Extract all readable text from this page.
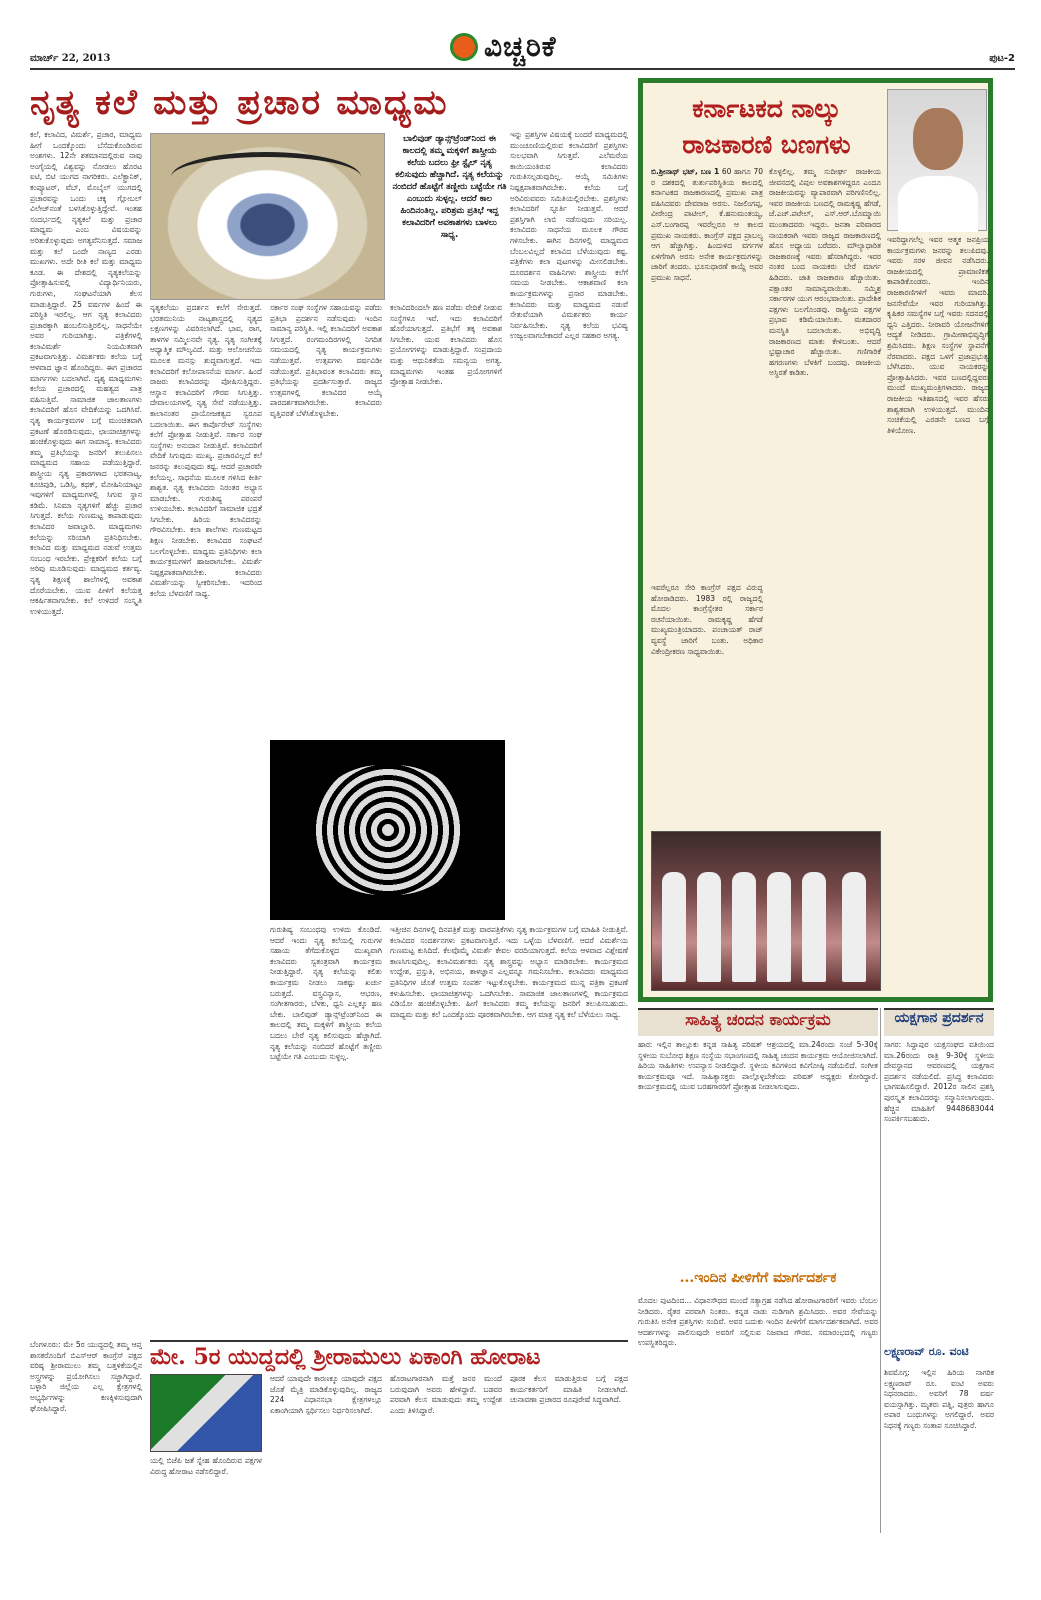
ಮಾರ್ಚ್ 22, 2013	ವಿಚ್ಚರಿಕೆ	ಪುಟ-2
ನೃತ್ಯ ಕಲೆ ಮತ್ತು ಪ್ರಚಾರ ಮಾಧ್ಯಮ
ಕಲೆ, ಕಲಾವಿದ, ವಿಮರ್ಶೆ, ಪ್ರಚಾರ, ಮಾಧ್ಯಮ ಹೀಗೆ ಒಂದಕ್ಕೊಂದು ಬೆಸೆದುಕೊಂಡಿರುವ ಅಂಶಗಳು. 12ನೇ ಶತಮಾನದಲ್ಲಿರುವ ನಾವು ಅಂಗೈಯಲ್ಲಿ ವಿಶ್ವವನ್ನು ನೋಡಲು ಹೊರಟ ಐಟಿ, ಬಿಟಿ ಯುಗದ ನಾಗರಿಕರು. ಎಲೆಕ್ಟ್ರಾನಿಕ್, ಕಂಪ್ಯೂಟರ್, ವೆಬ್, ಮೊಬೈಲ್ ಯುಗದಲ್ಲಿ ಪ್ರಚಾರವನ್ನು ಒಂದು ಚಕ್ಕ ಗ್ಲೋಬಲ್ ವಿಲೇಜ್‌ನಂತೆ ಬಳಸಿಕೊಳ್ಳುತ್ತಿದ್ದೇವೆ. ಇಂತಹ ಸಂದರ್ಭದಲ್ಲಿ ನೃತ್ಯಕಲೆ ಮತ್ತು ಪ್ರಚಾರ ಮಾಧ್ಯಮ ಎಂಬ ವಿಷಯವನ್ನು ಅರಿತುಕೊಳ್ಳುವುದು ಅಗತ್ಯವೆನಿಸುತ್ತದೆ. ಸಮಾಜ ಮತ್ತು ಕಲೆ ಒಂದೇ ನಾಣ್ಯದ ಎರಡು ಮುಖಗಳು. ಅದೇ ರೀತಿ ಕಲೆ ಮತ್ತು ಮಾಧ್ಯಮ ಕೂಡ. ಈ ದೇಶದಲ್ಲಿ ನೃತ್ಯಕಲೆಯನ್ನು ಪ್ರೋತ್ಸಾಹಿಸುವಲ್ಲಿ ವಿದ್ಯಾರ್ಥಿನಿಯರು, ಗುರುಗಳು, ಸಂಘಟನೆಯಾಗಿ ಕೆಲಸ ಮಾಡುತ್ತಿದ್ದಾರೆ. 25 ವರ್ಷಗಳ ಹಿಂದೆ ಈ ಪರಿಸ್ಥಿತಿ ಇರಲಿಲ್ಲ. ಆಗ ನೃತ್ಯ ಕಲಾವಿದರು ಪ್ರಚಾರಕ್ಕಾಗಿ ಹಂಬಲಿಸುತ್ತಿರಲಿಲ್ಲ. ಸಾಧನೆಯೇ ಅವರ ಗುರಿಯಾಗಿತ್ತು. ಪತ್ರಿಕೆಗಳಲ್ಲಿ ಕಲಾವಿಮರ್ಶೆ ನಿಯಮಿತವಾಗಿ ಪ್ರಕಟವಾಗುತ್ತಿತ್ತು. ವಿಮರ್ಶಕರು ಕಲೆಯ ಬಗ್ಗೆ ಆಳವಾದ ಜ್ಞಾನ ಹೊಂದಿದ್ದರು. ಈಗ ಪ್ರಚಾರದ ಮಾರ್ಗಗಳು ಬದಲಾಗಿವೆ. ದೃಶ್ಯ ಮಾಧ್ಯಮಗಳು ಕಲೆಯ ಪ್ರಚಾರದಲ್ಲಿ ಮಹತ್ವದ ಪಾತ್ರ ವಹಿಸುತ್ತಿವೆ. ಸಾಮಾಜಿಕ ಜಾಲತಾಣಗಳು ಕಲಾವಿದರಿಗೆ ಹೊಸ ವೇದಿಕೆಯನ್ನು ಒದಗಿಸಿವೆ. ನೃತ್ಯ ಕಾರ್ಯಕ್ರಮಗಳ ಬಗ್ಗೆ ಮುಂಚಿತವಾಗಿ ಪ್ರಕಟಣೆ ಹೊರಡಿಸುವುದು, ಛಾಯಾಚಿತ್ರಗಳನ್ನು ಹಂಚಿಕೊಳ್ಳುವುದು ಈಗ ಸಾಮಾನ್ಯ. ಕಲಾವಿದರು ತಮ್ಮ ಪ್ರತಿಭೆಯನ್ನು ಜನರಿಗೆ ತಲುಪಿಸಲು ಮಾಧ್ಯಮದ ಸಹಾಯ ಪಡೆಯುತ್ತಿದ್ದಾರೆ. ಶಾಸ್ತ್ರೀಯ ನೃತ್ಯ ಪ್ರಕಾರಗಳಾದ ಭರತನಾಟ್ಯ, ಕೂಚಿಪುಡಿ, ಒಡಿಸ್ಸಿ, ಕಥಕ್, ಮೋಹಿನಿಯಾಟ್ಟಂ ಇವುಗಳಿಗೆ ಮಾಧ್ಯಮಗಳಲ್ಲಿ ಸಿಗುವ ಸ್ಥಾನ ಕಡಿಮೆ. ಸಿನಿಮಾ ನೃತ್ಯಗಳಿಗೆ ಹೆಚ್ಚು ಪ್ರಚಾರ ಸಿಗುತ್ತದೆ. ಕಲೆಯ ಗುಣಮಟ್ಟ ಕಾಪಾಡುವುದು ಕಲಾವಿದರ ಜವಾಬ್ದಾರಿ. ಮಾಧ್ಯಮಗಳು ಕಲೆಯನ್ನು ಸರಿಯಾಗಿ ಪ್ರತಿನಿಧಿಸಬೇಕು. ಕಲಾವಿದ ಮತ್ತು ಮಾಧ್ಯಮದ ನಡುವೆ ಉತ್ತಮ ಸಂಬಂಧ ಇರಬೇಕು. ಪ್ರೇಕ್ಷಕರಿಗೆ ಕಲೆಯ ಬಗ್ಗೆ ಅರಿವು ಮೂಡಿಸುವುದು ಮಾಧ್ಯಮದ ಕರ್ತವ್ಯ. ನೃತ್ಯ ಶಿಕ್ಷಣಕ್ಕೆ ಶಾಲೆಗಳಲ್ಲಿ ಅವಕಾಶ ದೊರೆಯಬೇಕು. ಯುವ ಪೀಳಿಗೆ ಕಲೆಯತ್ತ ಆಕರ್ಷಿತವಾಗಬೇಕು. ಕಲೆ ಉಳಿದರೆ ಸಂಸ್ಕೃತಿ ಉಳಿಯುತ್ತದೆ.
ಬಾಲಿವುಡ್ ಡ್ಯಾನ್ಸ್‌ಟ್ರೆಂಡ್‌ನಿಂದ ಈ ಕಾಲದಲ್ಲಿ ತಮ್ಮ ಮಕ್ಕಳಿಗೆ ಶಾಸ್ತ್ರೀಯ ಕಲೆಯ ಬದಲು ಫ್ರೀ ಸ್ಟೈಲ್ ನೃತ್ಯ ಕಲಿಸುವುದು ಹೆಚ್ಚಾಗಿದೆ. ನೃತ್ಯ ಕಲೆಯನ್ನು ನಂಬಿದರೆ ಹೊಟ್ಟೆಗೆ ತಣ್ಣೀರು ಬಟ್ಟೆಯೇ ಗತಿ ಎಂಬುದು ಸುಳ್ಳಲ್ಲ. ಆದರೆ ಕಾಲ ಹಿಂದಿನಂತಿಲ್ಲ. ಪರಿಶ್ರಮ ಪ್ರತಿಭೆ ಇದ್ದ ಕಲಾವಿದರಿಗೆ ಅವಕಾಶಗಳು ಬಾಳಲು ಸಾಧ್ಯ.
ನೃತ್ಯಕಲೆಯು ಪ್ರದರ್ಶನ ಕಲೆಗೆ ಸೇರುತ್ತದೆ. ಭರತಮುನಿಯ ನಾಟ್ಯಶಾಸ್ತ್ರದಲ್ಲಿ ನೃತ್ಯದ ಲಕ್ಷಣಗಳನ್ನು ವಿವರಿಸಲಾಗಿದೆ. ಭಾವ, ರಾಗ, ತಾಳಗಳ ಸಮ್ಮಿಲನವೇ ನೃತ್ಯ. ನೃತ್ಯ ಸಂಗೀತಕ್ಕೆ ಆಧ್ಯಾತ್ಮಿಕ ಮೌಲ್ಯವಿದೆ. ಮತ್ತು ಆಲೋಚನೆಯ ಮೂಲಕ ಮನಸ್ಸು ಶುದ್ಧವಾಗುತ್ತದೆ. ಇದು ಕಲಾವಿದರಿಗೆ ಕಲೋಪಾಸನೆಯ ಮಾರ್ಗ. ಹಿಂದೆ ರಾಜರು ಕಲಾವಿದರನ್ನು ಪೋಷಿಸುತ್ತಿದ್ದರು. ಆಸ್ಥಾನ ಕಲಾವಿದರಿಗೆ ಗೌರವ ಸಿಗುತ್ತಿತ್ತು. ದೇವಾಲಯಗಳಲ್ಲಿ ನೃತ್ಯ ಸೇವೆ ನಡೆಯುತ್ತಿತ್ತು. ಕಾಲಾನಂತರ ಪ್ರಾಯೋಜಕತ್ವದ ಸ್ವರೂಪ ಬದಲಾಯಿತು. ಈಗ ಕಾರ್ಪೊರೇಟ್ ಸಂಸ್ಥೆಗಳು ಕಲೆಗೆ ಪ್ರೋತ್ಸಾಹ ನೀಡುತ್ತಿವೆ. ಸರ್ಕಾರ ಸಂಘ ಸಂಸ್ಥೆಗಳು ಅನುದಾನ ನೀಡುತ್ತಿವೆ. ಕಲಾವಿದರಿಗೆ ವೇದಿಕೆ ಸಿಗುವುದು ಮುಖ್ಯ. ಪ್ರಚಾರವಿಲ್ಲದೆ ಕಲೆ ಜನರನ್ನು ತಲುಪುವುದು ಕಷ್ಟ. ಆದರೆ ಪ್ರಚಾರವೇ ಕಲೆಯಲ್ಲ. ಸಾಧನೆಯ ಮೂಲಕ ಗಳಿಸಿದ ಕೀರ್ತಿ ಶಾಶ್ವತ. ನೃತ್ಯ ಕಲಾವಿದರು ನಿರಂತರ ಅಭ್ಯಾಸ ಮಾಡಬೇಕು. ಗುರುಶಿಷ್ಯ ಪರಂಪರೆ ಉಳಿಯಬೇಕು. ಕಲಾವಿದರಿಗೆ ಸಾಮಾಜಿಕ ಭದ್ರತೆ ಸಿಗಬೇಕು. ಹಿರಿಯ ಕಲಾವಿದರನ್ನು ಗೌರವಿಸಬೇಕು. ಕಲಾ ಶಾಲೆಗಳು ಗುಣಮಟ್ಟದ ಶಿಕ್ಷಣ ನೀಡಬೇಕು. ಕಲಾವಿದರ ಸಂಘಟನೆ ಬಲಗೊಳ್ಳಬೇಕು. ಮಾಧ್ಯಮ ಪ್ರತಿನಿಧಿಗಳು ಕಲಾ ಕಾರ್ಯಕ್ರಮಗಳಿಗೆ ಹಾಜರಾಗಬೇಕು. ವಿಮರ್ಶೆ ನಿಷ್ಪಕ್ಷಪಾತವಾಗಿರಬೇಕು. ಕಲಾವಿದರು ವಿಮರ್ಶೆಯನ್ನು ಸ್ವೀಕರಿಸಬೇಕು. ಇದರಿಂದ ಕಲೆಯ ಬೆಳವಣಿಗೆ ಸಾಧ್ಯ.
ಸರ್ಕಾರ ಸಂಘ ಸಂಸ್ಥೆಗಳ ಸಹಾಯವನ್ನು ಪಡೆದು ಪ್ರತಿಭಾ ಪ್ರದರ್ಶನ ನಡೆಸುವುದು ಇಂದಿನ ಸಾಮಾನ್ಯ ಪರಿಸ್ಥಿತಿ. ಇಲ್ಲಿ ಕಲಾವಿದರಿಗೆ ಅವಕಾಶ ಸಿಗುತ್ತದೆ. ರಂಗಮಂದಿರಗಳಲ್ಲಿ ನಿಗದಿತ ಸಮಯದಲ್ಲಿ ನೃತ್ಯ ಕಾರ್ಯಕ್ರಮಗಳು ನಡೆಯುತ್ತವೆ. ಉತ್ಸವಗಳು ವರ್ಷವಿಡೀ ನಡೆಯುತ್ತವೆ. ಪ್ರತಿಭಾವಂತ ಕಲಾವಿದರು ತಮ್ಮ ಪ್ರತಿಭೆಯನ್ನು ಪ್ರದರ್ಶಿಸುತ್ತಾರೆ. ರಾಜ್ಯದ ಉತ್ಸವಗಳಲ್ಲಿ ಕಲಾವಿದರ ಆಯ್ಕೆ ಪಾರದರ್ಶಕವಾಗಿರಬೇಕು. ಕಲಾವಿದರು ವೃತ್ತಿಪರತೆ ಬೆಳೆಸಿಕೊಳ್ಳಬೇಕು.
ಕಲಾವಿದರಿಂದಲೇ ಹಣ ಪಡೆದು ವೇದಿಕೆ ನೀಡುವ ಸಂಸ್ಥೆಗಳೂ ಇವೆ. ಇದು ಕಲಾವಿದರಿಗೆ ಹೊರೆಯಾಗುತ್ತದೆ. ಪ್ರತಿಭೆಗೆ ತಕ್ಕ ಅವಕಾಶ ಸಿಗಬೇಕು. ಯುವ ಕಲಾವಿದರು ಹೊಸ ಪ್ರಯೋಗಗಳನ್ನು ಮಾಡುತ್ತಿದ್ದಾರೆ. ಸಂಪ್ರದಾಯ ಮತ್ತು ಆಧುನಿಕತೆಯ ಸಮನ್ವಯ ಅಗತ್ಯ. ಮಾಧ್ಯಮಗಳು ಇಂತಹ ಪ್ರಯೋಗಗಳಿಗೆ ಪ್ರೋತ್ಸಾಹ ನೀಡಬೇಕು.
ಇನ್ನು ಪ್ರಶಸ್ತಿಗಳ ವಿಷಯಕ್ಕೆ ಬಂದರೆ ಮಾಧ್ಯಮದಲ್ಲಿ ಮುಂಚೂಣಿಯಲ್ಲಿರುವ ಕಲಾವಿದರಿಗೆ ಪ್ರಶಸ್ತಿಗಳು ಸುಲಭವಾಗಿ ಸಿಗುತ್ತವೆ. ಎಲೆಮರೆಯ ಕಾಯಿಯಂತಿರುವ ಕಲಾವಿದರು ಗುರುತಿಸಲ್ಪಡುವುದಿಲ್ಲ. ಆಯ್ಕೆ ಸಮಿತಿಗಳು ನಿಷ್ಪಕ್ಷಪಾತವಾಗಿರಬೇಕು. ಕಲೆಯ ಬಗ್ಗೆ ಅರಿವಿರುವವರು ಸಮಿತಿಯಲ್ಲಿರಬೇಕು. ಪ್ರಶಸ್ತಿಗಳು ಕಲಾವಿದರಿಗೆ ಸ್ಫೂರ್ತಿ ನೀಡುತ್ತವೆ. ಆದರೆ ಪ್ರಶಸ್ತಿಗಾಗಿ ಲಾಬಿ ನಡೆಸುವುದು ಸರಿಯಲ್ಲ. ಕಲಾವಿದರು ಸಾಧನೆಯ ಮೂಲಕ ಗೌರವ ಗಳಿಸಬೇಕು. ಈಗಿನ ದಿನಗಳಲ್ಲಿ ಮಾಧ್ಯಮದ ಬೆಂಬಲವಿಲ್ಲದೆ ಕಲಾವಿದ ಬೆಳೆಯುವುದು ಕಷ್ಟ. ಪತ್ರಿಕೆಗಳು ಕಲಾ ಪುಟಗಳನ್ನು ಮೀಸಲಿಡಬೇಕು. ದೂರದರ್ಶನ ವಾಹಿನಿಗಳು ಶಾಸ್ತ್ರೀಯ ಕಲೆಗೆ ಸಮಯ ನೀಡಬೇಕು. ಆಕಾಶವಾಣಿ ಕಲಾ ಕಾರ್ಯಕ್ರಮಗಳನ್ನು ಪ್ರಸಾರ ಮಾಡಬೇಕು. ಕಲಾವಿದರು ಮತ್ತು ಮಾಧ್ಯಮದ ನಡುವೆ ಸೇತುವೆಯಾಗಿ ವಿಮರ್ಶಕರು ಕಾರ್ಯ ನಿರ್ವಹಿಸಬೇಕು. ನೃತ್ಯ ಕಲೆಯ ಭವಿಷ್ಯ ಉಜ್ವಲವಾಗಬೇಕಾದರೆ ಎಲ್ಲರ ಸಹಕಾರ ಅಗತ್ಯ.
ಗುರುಶಿಷ್ಯ ಸಂಬಂಧವು ಉಳಿದು ಕೊಂಡಿದೆ. ಆದರೆ ಇಂದು ನೃತ್ಯ ಕಲೆಯಲ್ಲಿ ಗುರುಗಳ ಸಹಾಯ ತೆಗೆದುಕೊಳ್ಳದ ಮುಖ್ಯವಾಗಿ ಕಲಾವಿದರು ಸ್ವತಂತ್ರವಾಗಿ ಕಾರ್ಯಕ್ರಮ ನೀಡುತ್ತಿದ್ದಾರೆ. ನೃತ್ಯ ಕಲೆಯನ್ನು ಕಲಿತು ಕಾರ್ಯಕ್ರಮ ನೀಡಲು ಸಾಕಷ್ಟು ಖರ್ಚು ಬರುತ್ತದೆ. ವಸ್ತ್ರವಿನ್ಯಾಸ, ಆಭರಣ, ಸಂಗೀತಗಾರರು, ಬೆಳಕು, ಧ್ವನಿ ಎಲ್ಲಕ್ಕೂ ಹಣ ಬೇಕು. ಬಾಲಿವುಡ್ ಡ್ಯಾನ್ಸ್‌ಟ್ರೆಂಡ್‌ನಿಂದ ಈ ಕಾಲದಲ್ಲಿ ತಮ್ಮ ಮಕ್ಕಳಿಗೆ ಶಾಸ್ತ್ರೀಯ ಕಲೆಯ ಬದಲು ಬೇರೆ ನೃತ್ಯ ಕಲಿಸುವುದು ಹೆಚ್ಚಾಗಿದೆ. ನೃತ್ಯ ಕಲೆಯನ್ನು ನಂಬಿದರೆ ಹೊಟ್ಟೆಗೆ ತಣ್ಣೀರು ಬಟ್ಟೆಯೇ ಗತಿ ಎಂಬುದು ಸುಳ್ಳಲ್ಲ.
ಇತ್ತೀಚಿನ ದಿನಗಳಲ್ಲಿ ದಿನಪತ್ರಿಕೆ ಮತ್ತು ವಾರಪತ್ರಿಕೆಗಳು ನೃತ್ಯ ಕಾರ್ಯಕ್ರಮಗಳ ಬಗ್ಗೆ ಮಾಹಿತಿ ನೀಡುತ್ತಿವೆ. ಕಲಾವಿದರ ಸಂದರ್ಶನಗಳು ಪ್ರಕಟವಾಗುತ್ತಿವೆ. ಇದು ಒಳ್ಳೆಯ ಬೆಳವಣಿಗೆ. ಆದರೆ ವಿಮರ್ಶೆಯ ಗುಣಮಟ್ಟ ಕುಸಿದಿದೆ. ಕೆಲವೊಮ್ಮೆ ವಿಮರ್ಶೆ ಕೇವಲ ವರದಿಯಾಗುತ್ತದೆ. ಕಲೆಯ ಆಳವಾದ ವಿಶ್ಲೇಷಣೆ ಕಾಣಸಿಗುವುದಿಲ್ಲ. ಕಲಾವಿಮರ್ಶಕರು ನೃತ್ಯ ಶಾಸ್ತ್ರವನ್ನು ಅಭ್ಯಾಸ ಮಾಡಿರಬೇಕು. ಕಾರ್ಯಕ್ರಮದ ಉದ್ದೇಶ, ಪ್ರಸ್ತುತಿ, ಅಭಿನಯ, ತಾಳಜ್ಞಾನ ಎಲ್ಲವನ್ನೂ ಗಮನಿಸಬೇಕು. ಕಲಾವಿದರು ಮಾಧ್ಯಮದ ಪ್ರತಿನಿಧಿಗಳ ಜೊತೆ ಉತ್ತಮ ಸಂಪರ್ಕ ಇಟ್ಟುಕೊಳ್ಳಬೇಕು. ಕಾರ್ಯಕ್ರಮದ ಮುನ್ನ ಪತ್ರಿಕಾ ಪ್ರಕಟಣೆ ಕಳುಹಿಸಬೇಕು. ಛಾಯಾಚಿತ್ರಗಳನ್ನು ಒದಗಿಸಬೇಕು. ಸಾಮಾಜಿಕ ಜಾಲತಾಣಗಳಲ್ಲಿ ಕಾರ್ಯಕ್ರಮದ ವಿಡಿಯೋ ಹಂಚಿಕೊಳ್ಳಬೇಕು. ಹೀಗೆ ಕಲಾವಿದರು ತಮ್ಮ ಕಲೆಯನ್ನು ಜನರಿಗೆ ತಲುಪಿಸಬಹುದು. ಮಾಧ್ಯಮ ಮತ್ತು ಕಲೆ ಒಂದಕ್ಕೊಂದು ಪೂರಕವಾಗಿರಬೇಕು. ಆಗ ಮಾತ್ರ ನೃತ್ಯ ಕಲೆ ಬೆಳೆಯಲು ಸಾಧ್ಯ.
ಕರ್ನಾಟಕದ ನಾಲ್ಕು ರಾಜಕಾರಣಿ ಬಣಗಳು
ಬಿ.ಶ್ರೀನಾಥ್ ಭಟ್, ಬಣ 1 60 ಹಾಗೂ 70 ರ ದಶಕದಲ್ಲಿ ತುರ್ತುಪರಿಸ್ಥಿತಿಯ ಕಾಲದಲ್ಲಿ ಕರ್ನಾಟಕದ ರಾಜಕಾರಣದಲ್ಲಿ ಪ್ರಮುಖ ಪಾತ್ರ ವಹಿಸಿದವರು ದೇವರಾಜ ಅರಸು. ನಿಜಲಿಂಗಪ್ಪ, ವೀರೇಂದ್ರ ಪಾಟೀಲ್, ಕೆ.ಹನುಮಂತಯ್ಯ, ಎಸ್.ಬಂಗಾರಪ್ಪ ಇವರೆಲ್ಲರೂ ಆ ಕಾಲದ ಪ್ರಮುಖ ನಾಯಕರು. ಕಾಂಗ್ರೆಸ್ ಪಕ್ಷದ ಪ್ರಾಬಲ್ಯ ಆಗ ಹೆಚ್ಚಾಗಿತ್ತು. ಹಿಂದುಳಿದ ವರ್ಗಗಳ ಏಳಿಗೆಗಾಗಿ ಅರಸು ಅನೇಕ ಕಾರ್ಯಕ್ರಮಗಳನ್ನು ಜಾರಿಗೆ ತಂದರು. ಭೂಸುಧಾರಣೆ ಕಾಯ್ದೆ ಅವರ ಪ್ರಮುಖ ಸಾಧನೆ.
ಕೊಳ್ಳಲಿಲ್ಲ. ತಮ್ಮ ಸುದೀರ್ಘ ರಾಜಕೀಯ ಜೀವನದಲ್ಲಿ ವಿಪುಲ ಅವಕಾಶಗಳಿದ್ದರೂ ಎಂದೂ ರಾಜಕೀಯವನ್ನು ವ್ಯಾಪಾರವಾಗಿ ಪರಿಗಣಿಸಲಿಲ್ಲ. ಇವರ ರಾಜಕೀಯ ಬಣದಲ್ಲಿ ರಾಮಕೃಷ್ಣ ಹೆಗಡೆ, ಜೆ.ಎಚ್.ಪಟೇಲ್, ಎಸ್.ಆರ್.ಬೊಮ್ಮಾಯಿ ಮುಂತಾದವರು ಇದ್ದರು. ಜನತಾ ಪರಿವಾರದ ನಾಯಕರಾಗಿ ಇವರು ರಾಜ್ಯದ ರಾಜಕಾರಣದಲ್ಲಿ ಹೊಸ ಅಧ್ಯಾಯ ಬರೆದರು. ಮೌಲ್ಯಾಧಾರಿತ ರಾಜಕಾರಣಕ್ಕೆ ಇವರು ಹೆಸರಾಗಿದ್ದರು. ಇವರ ನಂತರ ಬಂದ ನಾಯಕರು ಬೇರೆ ಮಾರ್ಗ ಹಿಡಿದರು. ಜಾತಿ ರಾಜಕಾರಣ ಹೆಚ್ಚಾಯಿತು. ಪಕ್ಷಾಂತರ ಸಾಮಾನ್ಯವಾಯಿತು. ಸಮ್ಮಿಶ್ರ ಸರ್ಕಾರಗಳ ಯುಗ ಆರಂಭವಾಯಿತು. ಪ್ರಾದೇಶಿಕ ಪಕ್ಷಗಳು ಬಲಗೊಂಡವು. ರಾಷ್ಟ್ರೀಯ ಪಕ್ಷಗಳ ಪ್ರಭಾವ ಕಡಿಮೆಯಾಯಿತು. ಮತದಾರರ ಮನಸ್ಥಿತಿ ಬದಲಾಯಿತು. ಅಭಿವೃದ್ಧಿ ರಾಜಕಾರಣದ ಮಾತು ಕೇಳಿಬಂತು. ಆದರೆ ಭ್ರಷ್ಟಾಚಾರ ಹೆಚ್ಚಾಯಿತು. ಗಣಿಗಾರಿಕೆ ಹಗರಣಗಳು ಬೆಳಕಿಗೆ ಬಂದವು. ರಾಜಕೀಯ ಅಸ್ಥಿರತೆ ಕಾಡಿತು.
ಇವರಿದ್ದಾಗಲೆಲ್ಲ ಇವರ ಆತ್ಮಕ ಜನಪ್ರಿಯ ಕಾರ್ಯಕ್ರಮಗಳು ಜನರನ್ನು ತಲುಪಿದವು. ಇವರು ಸರಳ ಜೀವನ ನಡೆಸಿದರು. ರಾಜಕೀಯದಲ್ಲಿ ಪ್ರಾಮಾಣಿಕತೆ ಕಾಪಾಡಿಕೊಂಡರು. ಇಂದಿನ ರಾಜಕಾರಣಿಗಳಿಗೆ ಇವರು ಮಾದರಿ. ಜನಸೇವೆಯೇ ಇವರ ಗುರಿಯಾಗಿತ್ತು. ಕೃಷಿಕರ ಸಮಸ್ಯೆಗಳ ಬಗ್ಗೆ ಇವರು ಸದನದಲ್ಲಿ ಧ್ವನಿ ಎತ್ತಿದರು. ನೀರಾವರಿ ಯೋಜನೆಗಳಿಗೆ ಆದ್ಯತೆ ನೀಡಿದರು. ಗ್ರಾಮೀಣಾಭಿವೃದ್ಧಿಗೆ ಶ್ರಮಿಸಿದರು. ಶಿಕ್ಷಣ ಸಂಸ್ಥೆಗಳ ಸ್ಥಾಪನೆಗೆ ನೆರವಾದರು. ಪಕ್ಷದ ಒಳಗೆ ಪ್ರಜಾಪ್ರಭುತ್ವ ಬೆಳೆಸಿದರು. ಯುವ ನಾಯಕರನ್ನು ಪ್ರೋತ್ಸಾಹಿಸಿದರು. ಇವರ ಬಣದಲ್ಲಿದ್ದವರು ಮುಂದೆ ಮುಖ್ಯಮಂತ್ರಿಗಳಾದರು. ರಾಜ್ಯದ ರಾಜಕೀಯ ಇತಿಹಾಸದಲ್ಲಿ ಇವರ ಹೆಸರು ಶಾಶ್ವತವಾಗಿ ಉಳಿಯುತ್ತದೆ. ಮುಂದಿನ ಸಂಚಿಕೆಯಲ್ಲಿ ಎರಡನೇ ಬಣದ ಬಗ್ಗೆ ತಿಳಿಯೋಣ.
ಇವರೆಲ್ಲರೂ ಸೇರಿ ಕಾಂಗ್ರೆಸ್ ಪಕ್ಷದ ವಿರುದ್ಧ ಹೋರಾಡಿದರು. 1983 ರಲ್ಲಿ ರಾಜ್ಯದಲ್ಲಿ ಮೊದಲ ಕಾಂಗ್ರೆಸ್ಸೇತರ ಸರ್ಕಾರ ರಚನೆಯಾಯಿತು. ರಾಮಕೃಷ್ಣ ಹೆಗಡೆ ಮುಖ್ಯಮಂತ್ರಿಯಾದರು. ಪಂಚಾಯತ್ ರಾಜ್ ವ್ಯವಸ್ಥೆ ಜಾರಿಗೆ ಬಂತು. ಅಧಿಕಾರ ವಿಕೇಂದ್ರೀಕರಣ ಸಾಧ್ಯವಾಯಿತು.
ಸಾಹಿತ್ಯ ಚಂದನ ಕಾರ್ಯಕ್ರಮ	ಯಕ್ಷಗಾನ ಪ್ರದರ್ಶನ
ಹಾರ: ಇಲ್ಲಿನ ತಾಲ್ಲೂಕು ಕನ್ನಡ ಸಾಹಿತ್ಯ ಪರಿಷತ್ ಆಶ್ರಯದಲ್ಲಿ ಮಾ.24ರಂದು ಸಂಜೆ 5-30ಕ್ಕೆ ಸ್ಥಳೀಯ ಸುಬೋಧ ಶಿಕ್ಷಣ ಸಂಸ್ಥೆಯ ಸಭಾಂಗಣದಲ್ಲಿ ಸಾಹಿತ್ಯ ಚಂದನ ಕಾರ್ಯಕ್ರಮ ಆಯೋಜಿಸಲಾಗಿದೆ. ಹಿರಿಯ ಸಾಹಿತಿಗಳು ಉಪನ್ಯಾಸ ನೀಡಲಿದ್ದಾರೆ. ಸ್ಥಳೀಯ ಕವಿಗಳಿಂದ ಕವಿಗೋಷ್ಠಿ ನಡೆಯಲಿದೆ. ಸಂಗೀತ ಕಾರ್ಯಕ್ರಮವೂ ಇದೆ. ಸಾಹಿತ್ಯಾಸಕ್ತರು ಪಾಲ್ಗೊಳ್ಳಬೇಕೆಂದು ಪರಿಷತ್ ಅಧ್ಯಕ್ಷರು ಕೋರಿದ್ದಾರೆ. ಕಾರ್ಯಕ್ರಮದಲ್ಲಿ ಯುವ ಬರಹಗಾರರಿಗೆ ಪ್ರೋತ್ಸಾಹ ನೀಡಲಾಗುವುದು.
...ಇಂದಿನ ಪೀಳಿಗೆಗೆ ಮಾರ್ಗದರ್ಶಕ
ಮೊದಲ ಪುಟದಿಂದ... ವಿಧಾನಸೌಧದ ಮುಂದೆ ಸತ್ಯಾಗ್ರಹ ನಡೆಸಿದ ಹೋರಾಟಗಾರರಿಗೆ ಇವರು ಬೆಂಬಲ ನೀಡಿದರು. ರೈತರ ಪರವಾಗಿ ನಿಂತರು. ಕನ್ನಡ ನಾಡು ನುಡಿಗಾಗಿ ಶ್ರಮಿಸಿದರು. ಅವರ ಸೇವೆಯನ್ನು ಗುರುತಿಸಿ ಅನೇಕ ಪ್ರಶಸ್ತಿಗಳು ಸಂದಿವೆ. ಅವರ ಬದುಕು ಇಂದಿನ ಪೀಳಿಗೆಗೆ ಮಾರ್ಗದರ್ಶಕವಾಗಿದೆ. ಅವರ ಆದರ್ಶಗಳನ್ನು ಪಾಲಿಸುವುದೇ ಅವರಿಗೆ ಸಲ್ಲಿಸುವ ನಿಜವಾದ ಗೌರವ. ಸಮಾರಂಭದಲ್ಲಿ ಗಣ್ಯರು ಉಪಸ್ಥಿತರಿದ್ದರು.
ಸಾಗರ: ಸಿದ್ದಾಪುರ ಯಕ್ಷಸಂಘದ ವತಿಯಿಂದ ಮಾ.26ರಂದು ರಾತ್ರಿ 9-30ಕ್ಕೆ ಸ್ಥಳೀಯ ದೇವಸ್ಥಾನದ ಆವರಣದಲ್ಲಿ ಯಕ್ಷಗಾನ ಪ್ರದರ್ಶನ ನಡೆಯಲಿದೆ. ಪ್ರಸಿದ್ಧ ಕಲಾವಿದರು ಭಾಗವಹಿಸಲಿದ್ದಾರೆ. 2012ರ ಸಾಲಿನ ಪ್ರಶಸ್ತಿ ಪುರಸ್ಕೃತ ಕಲಾವಿದರನ್ನು ಸನ್ಮಾನಿಸಲಾಗುವುದು. ಹೆಚ್ಚಿನ ಮಾಹಿತಿಗೆ 9448683044 ಸಂಪರ್ಕಿಸಬಹುದು.
ಲಕ್ಷ್ಮಣರಾವ್ ರೂ. ವಂಟಿ
ಶಿವಮೊಗ್ಗ: ಇಲ್ಲಿನ ಹಿರಿಯ ನಾಗರಿಕ ಲಕ್ಷ್ಮಣರಾವ್ ರೂ. ವಂಟಿ ಅವರು ನಿಧನರಾದರು. ಅವರಿಗೆ 78 ವರ್ಷ ವಯಸ್ಸಾಗಿತ್ತು. ಮೃತರು ಪತ್ನಿ, ಪುತ್ರರು ಹಾಗೂ ಅಪಾರ ಬಂಧುಗಳನ್ನು ಅಗಲಿದ್ದಾರೆ. ಅವರ ನಿಧನಕ್ಕೆ ಗಣ್ಯರು ಸಂತಾಪ ಸೂಚಿಸಿದ್ದಾರೆ.
ಬೆಂಗಳೂರು: ಮೇ 5ರ ಯುದ್ಧದಲ್ಲಿ ತಮ್ಮ ಆಪ್ತ ಶಾಸಕರೊಂದಿಗೆ ಬಿಎಸ್‌ಆರ್ ಕಾಂಗ್ರೆಸ್ ಪಕ್ಷದ ವರಿಷ್ಠ ಶ್ರೀರಾಮುಲು ತಮ್ಮ ಬತ್ತಳಿಕೆಯಲ್ಲಿನ ಅಸ್ತ್ರಗಳನ್ನು ಪ್ರಯೋಗಿಸಲು ಸಜ್ಜಾಗಿದ್ದಾರೆ. ಬಳ್ಳಾರಿ ಜಿಲ್ಲೆಯ ಎಲ್ಲ ಕ್ಷೇತ್ರಗಳಲ್ಲಿ ಅಭ್ಯರ್ಥಿಗಳನ್ನು ಕಣಕ್ಕಿಳಿಸುವುದಾಗಿ ಘೋಷಿಸಿದ್ದಾರೆ.
ಮೇ. 5ರ ಯುದ್ದದಲ್ಲಿ ಶ್ರೀರಾಮುಲು ಏಕಾಂಗಿ ಹೋರಾಟ
ಯಲ್ಲಿ ಬಿಜೆಪಿ ಜತೆ ಸ್ನೇಹ ಹೊಂದಿರುವ ಪಕ್ಷಗಳ ವಿರುದ್ಧ ಹೋರಾಟ ನಡೆಸಲಿದ್ದಾರೆ.
ಆದರೆ ಯಾವುದೇ ಕಾರಣಕ್ಕೂ ಯಾವುದೇ ಪಕ್ಷದ ಜೊತೆ ಮೈತ್ರಿ ಮಾಡಿಕೊಳ್ಳುವುದಿಲ್ಲ. ರಾಜ್ಯದ 224 ವಿಧಾನಸಭಾ ಕ್ಷೇತ್ರಗಳಲ್ಲೂ ಏಕಾಂಗಿಯಾಗಿ ಸ್ಪರ್ಧಿಸಲು ನಿರ್ಧರಿಸಲಾಗಿದೆ.
ಹೊರಾಟಗಾರನಾಗಿ ಮತ್ತೆ ಜನರ ಮುಂದೆ ಬರುವುದಾಗಿ ಅವರು ಹೇಳಿದ್ದಾರೆ. ಬಡವರ ಪರವಾಗಿ ಕೆಲಸ ಮಾಡುವುದು ತಮ್ಮ ಉದ್ದೇಶ ಎಂದು ತಿಳಿಸಿದ್ದಾರೆ.
ಪೂರಕ ಕೆಲಸ ಮಾಡುತ್ತಿರುವ ಬಗ್ಗೆ ಪಕ್ಷದ ಕಾರ್ಯಕರ್ತರಿಗೆ ಮಾಹಿತಿ ನೀಡಲಾಗಿದೆ. ಚುನಾವಣಾ ಪ್ರಚಾರದ ರೂಪುರೇಷೆ ಸಿದ್ಧವಾಗಿದೆ.
